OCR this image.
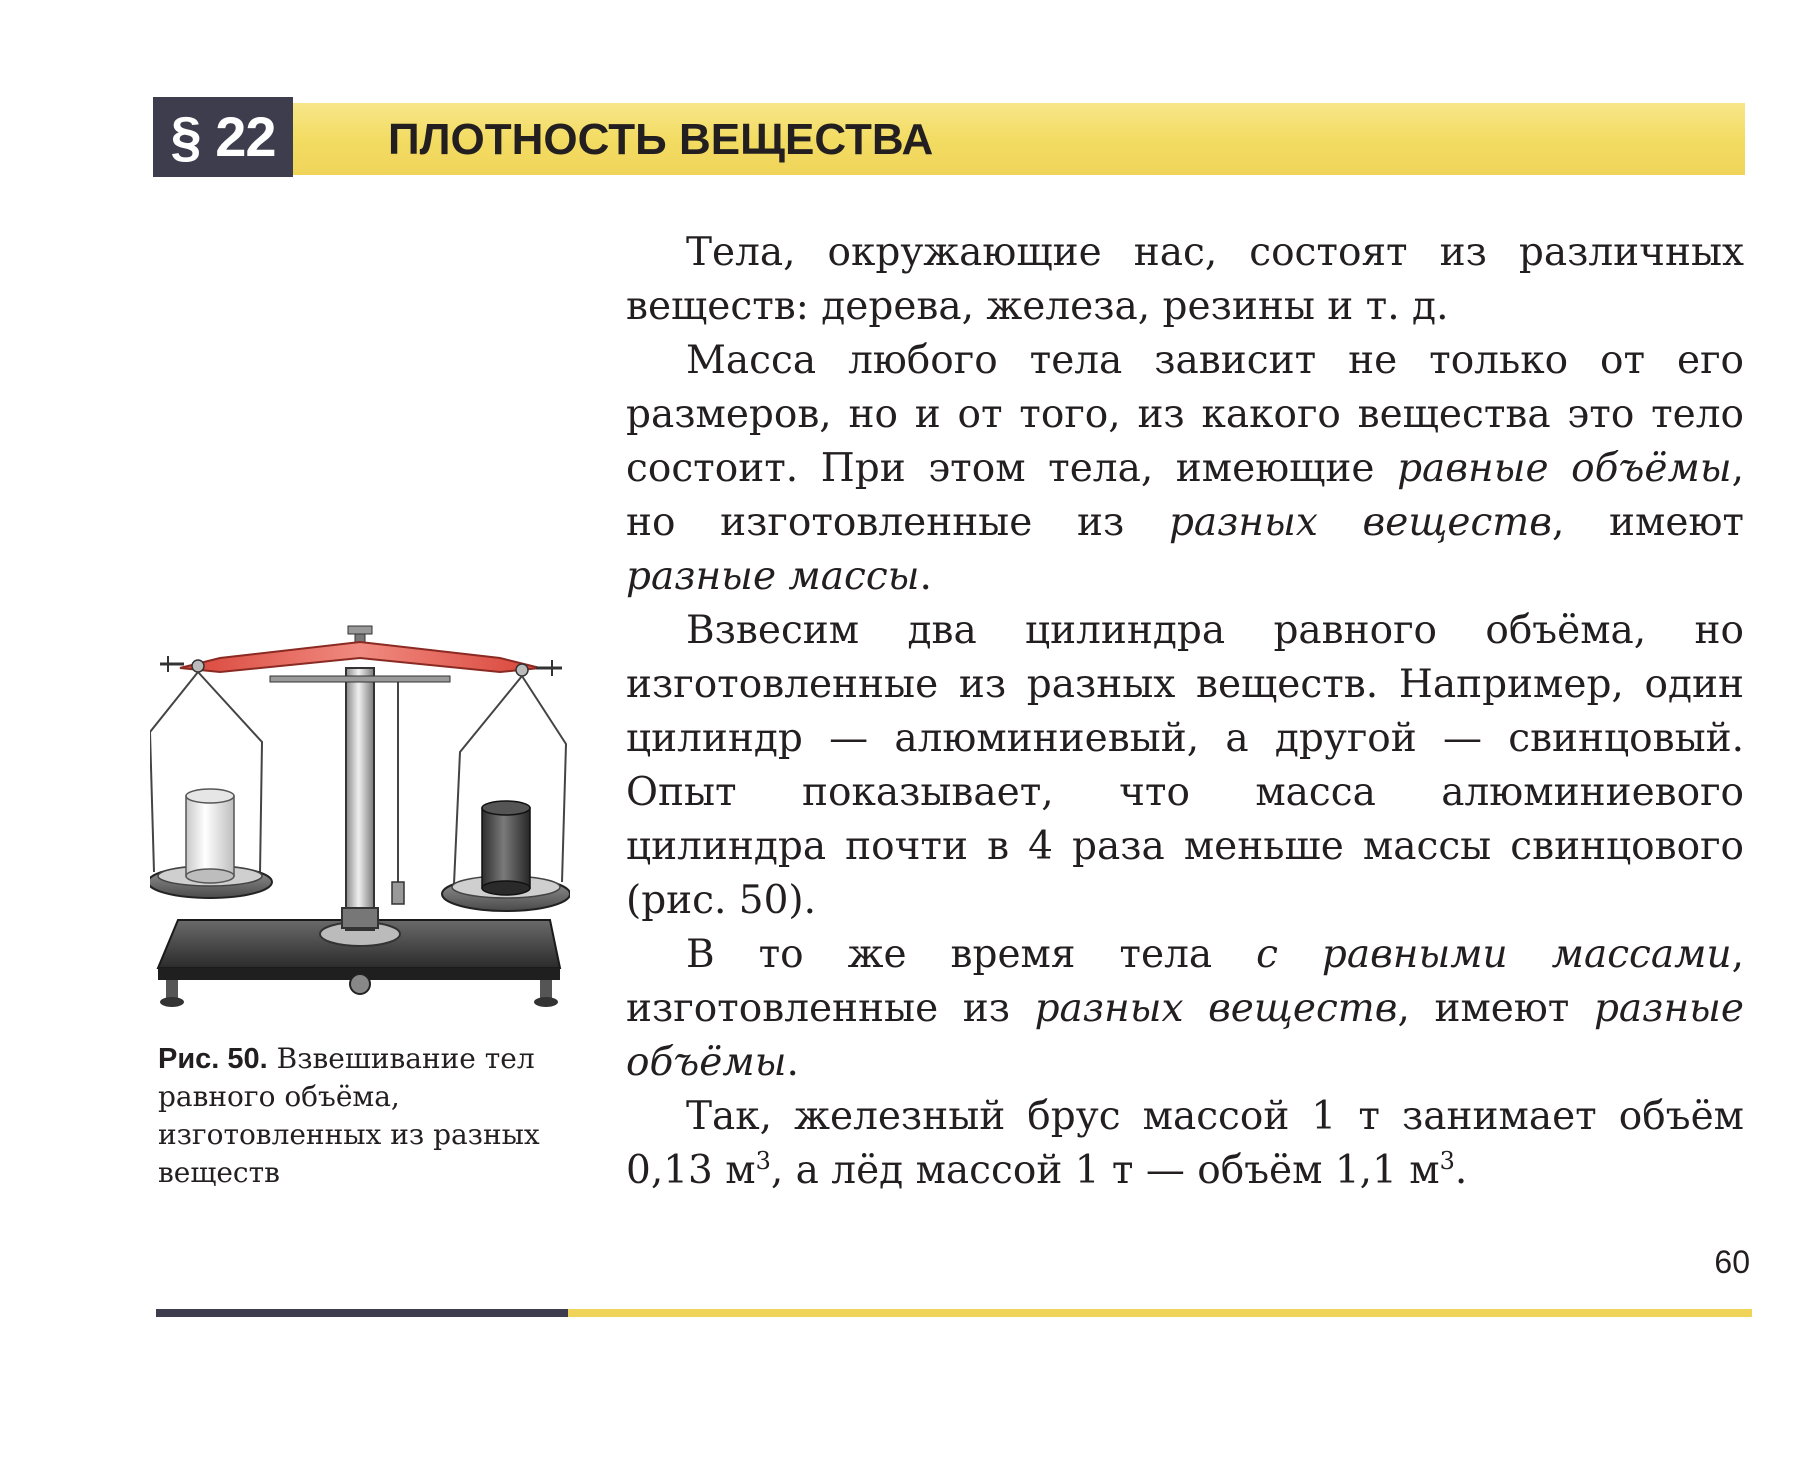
§ 22	ПЛОТНОСТЬ ВЕЩЕСТВА

Тела, окружающие нас, состоят из различных веществ: дерева, железа, резины и т. д.

Масса любого тела зависит не только от его размеров, но и от того, из какого вещества это тело состоит. При этом тела, имеющие равные объёмы, но изготовленные из разных веществ, имеют разные массы.

Взвесим два цилиндра равного объёма, но изготовленные из разных веществ. Например, один цилиндр — алюминиевый, а другой — свинцовый. Опыт показывает, что масса алюминиевого цилиндра почти в 4 раза меньше массы свинцового (рис. 50).

В то же время тела с равными массами, изготовленные из разных веществ, имеют разные объёмы.

Так, железный брус массой 1 т занимает объём 0,13 $м^3$, а лёд массой 1 т — объём 1,1 $м^3$.

Рис. 50. Взвешивание тел равного объёма, изготовленных из разных веществ
60
